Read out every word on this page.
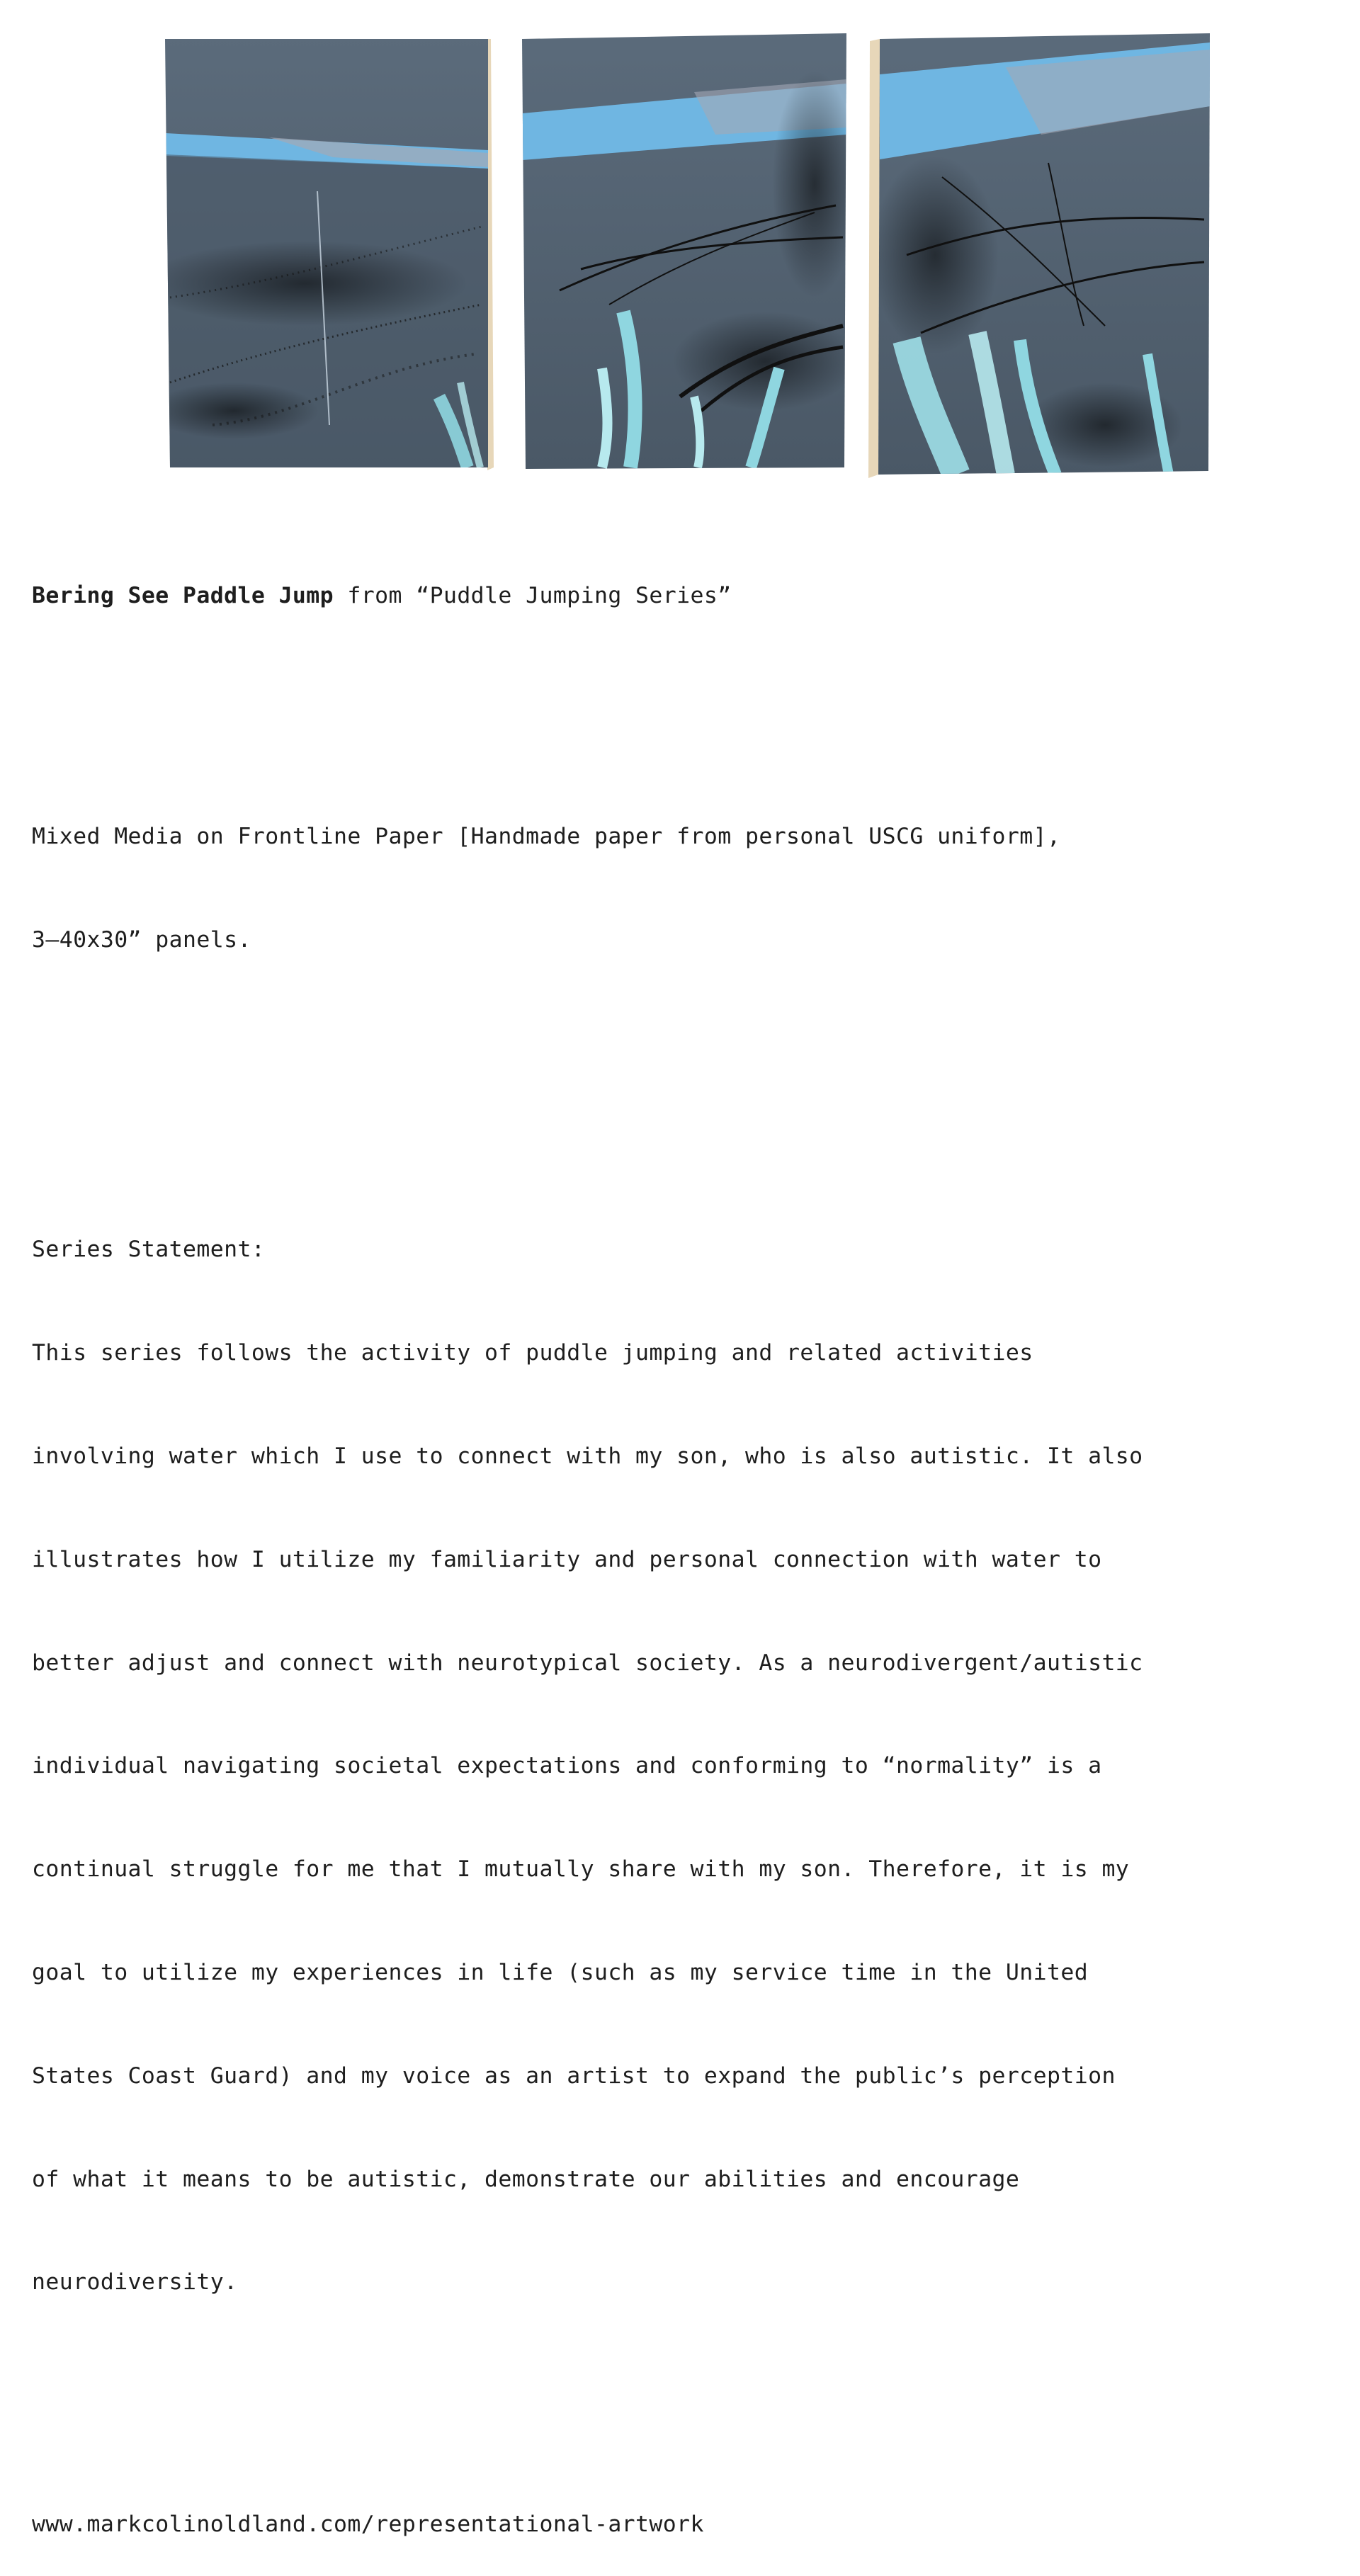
Bering See Paddle Jump from “Puddle Jumping Series”

Mixed Media on Frontline Paper [Handmade paper from personal USCG uniform],

3–40x30” panels.

Series Statement:

This series follows the activity of puddle jumping and related activities

involving water which I use to connect with my son, who is also autistic. It also

illustrates how I utilize my familiarity and personal connection with water to

better adjust and connect with neurotypical society. As a neurodivergent/autistic

individual navigating societal expectations and conforming to “normality” is a

continual struggle for me that I mutually share with my son. Therefore, it is my

goal to utilize my experiences in life (such as my service time in the United

States Coast Guard) and my voice as an artist to expand the public’s perception

of what it means to be autistic, demonstrate our abilities and encourage

neurodiversity.

www.markcolinoldland.com/representational-artwork
